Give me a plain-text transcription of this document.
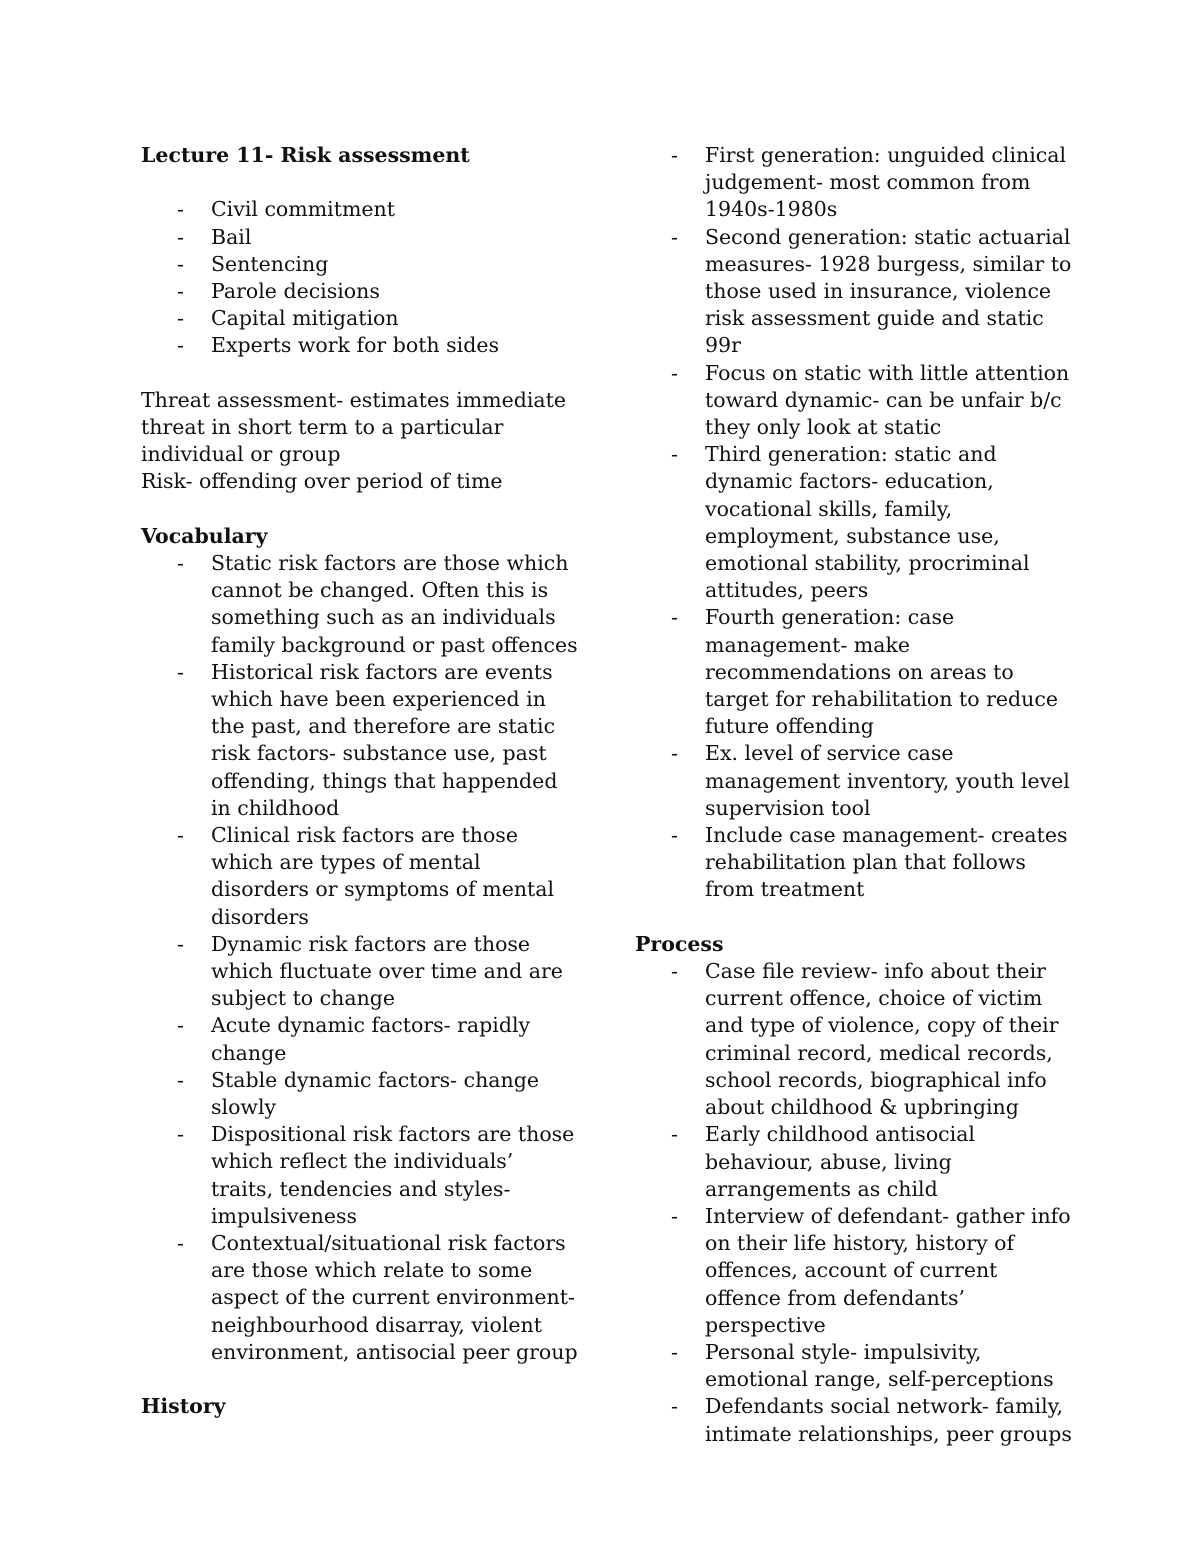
Lecture 11- Risk assessment

- Civil commitment
- Bail
- Sentencing
- Parole decisions
- Capital mitigation
- Experts work for both sides

Threat assessment- estimates immediate threat in short term to a particular individual or group

Risk- offending over period of time

Vocabulary

- Static risk factors are those which cannot be changed. Often this is something such as an individuals family background or past offences
- Historical risk factors are events which have been experienced in the past, and therefore are static risk factors- substance use, past offending, things that happended in childhood
- Clinical risk factors are those which are types of mental disorders or symptoms of mental disorders
- Dynamic risk factors are those which fluctuate over time and are subject to change
- Acute dynamic factors- rapidly change
- Stable dynamic factors- change slowly
- Dispositional risk factors are those which reflect the individuals’ traits, tendencies and styles- impulsiveness
- Contextual/situational risk factors are those which relate to some aspect of the current environment- neighbourhood disarray, violent environment, antisocial peer group

History

- First generation: unguided clinical judgement- most common from 1940s-1980s
- Second generation: static actuarial measures- 1928 burgess, similar to those used in insurance, violence risk assessment guide and static 99r
- Focus on static with little attention toward dynamic- can be unfair b/c they only look at static
- Third generation: static and dynamic factors- education, vocational skills, family, employment, substance use, emotional stability, procriminal attitudes, peers
- Fourth generation: case management- make recommendations on areas to target for rehabilitation to reduce future offending
- Ex. level of service case management inventory, youth level supervision tool
- Include case management- creates rehabilitation plan that follows from treatment

Process

- Case file review- info about their current offence, choice of victim and type of violence, copy of their criminal record, medical records, school records, biographical info about childhood & upbringing
- Early childhood antisocial behaviour, abuse, living arrangements as child
- Interview of defendant- gather info on their life history, history of offences, account of current offence from defendants’ perspective
- Personal style- impulsivity, emotional range, self-perceptions
- Defendants social network- family, intimate relationships, peer groups
